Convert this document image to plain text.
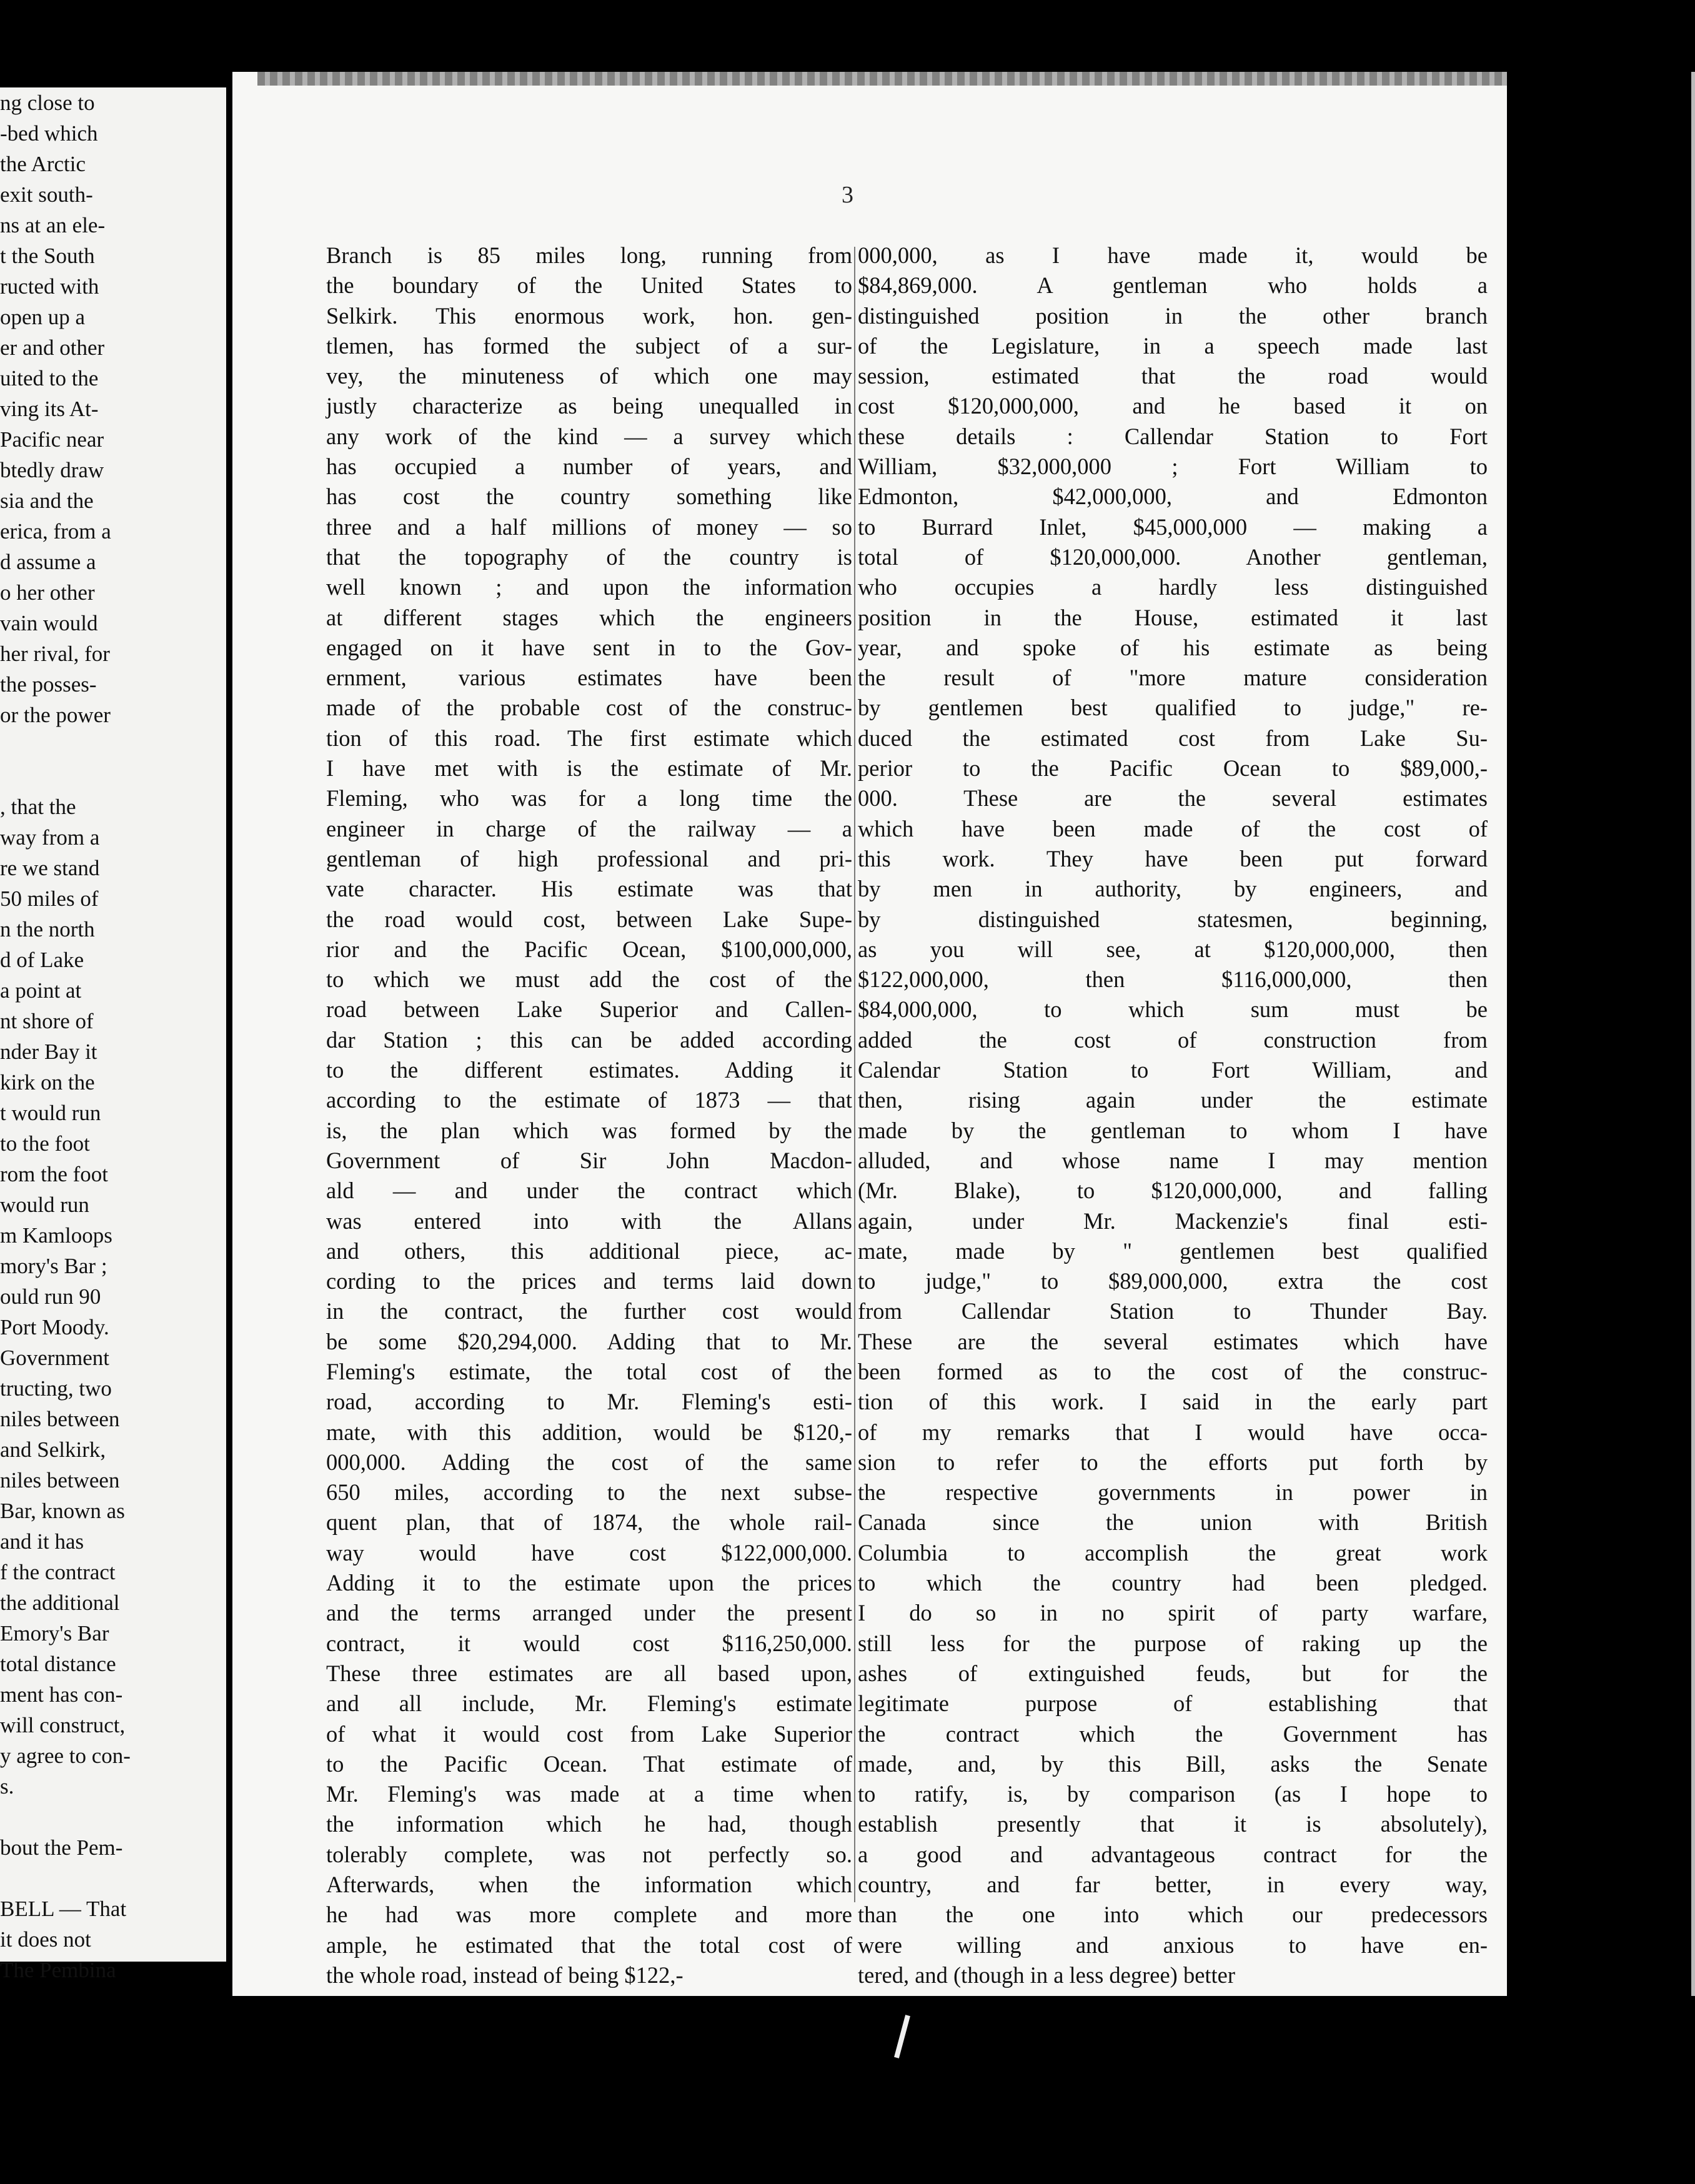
ng close to
-bed which
the Arctic
exit south-
ns at an ele-
t the South
ructed with
open up a
er and other
uited to the
ving its At-
Pacific near
btedly draw
sia and the
erica, from a
d assume a
o her other
vain would
her rival, for
the posses-
or the power
, that the
way from a
re we stand
50 miles of
n the north
d of Lake
a point at
nt shore of
nder Bay it
kirk on the
t would run
to the foot
rom the foot
would run
m Kamloops
mory's Bar ;
ould run 90
Port Moody.
Government
tructing, two
niles between
and Selkirk,
niles between
Bar, known as
and it has
f the contract
the additional
Emory's Bar
total distance
ment has con-
will construct,
y agree to con-
s.
bout the Pem-
BELL — That
it does not
The Pembina
3
Branch is 85 miles long, running from
the boundary of the United States to
Selkirk. This enormous work, hon. gen-
tlemen, has formed the subject of a sur-
vey, the minuteness of which one may
justly characterize as being unequalled in
any work of the kind — a survey which
has occupied a number of years, and
has cost the country something like
three and a half millions of money — so
that the topography of the country is
well known ; and upon the information
at different stages which the engineers
engaged on it have sent in to the Gov-
ernment, various estimates have been
made of the probable cost of the construc-
tion of this road. The first estimate which
I have met with is the estimate of Mr.
Fleming, who was for a long time the
engineer in charge of the railway — a
gentleman of high professional and pri-
vate character. His estimate was that
the road would cost, between Lake Supe-
rior and the Pacific Ocean, $100,000,000,
to which we must add the cost of the
road between Lake Superior and Callen-
dar Station ; this can be added according
to the different estimates. Adding it
according to the estimate of 1873 — that
is, the plan which was formed by the
Government of Sir John Macdon-
ald — and under the contract which
was entered into with the Allans
and others, this additional piece, ac-
cording to the prices and terms laid down
in the contract, the further cost would
be some $20,294,000. Adding that to Mr.
Fleming's estimate, the total cost of the
road, according to Mr. Fleming's esti-
mate, with this addition, would be $120,-
000,000. Adding the cost of the same
650 miles, according to the next subse-
quent plan, that of 1874, the whole rail-
way would have cost $122,000,000.
Adding it to the estimate upon the prices
and the terms arranged under the present
contract, it would cost $116,250,000.
These three estimates are all based upon,
and all include, Mr. Fleming's estimate
of what it would cost from Lake Superior
to the Pacific Ocean. That estimate of
Mr. Fleming's was made at a time when
the information which he had, though
tolerably complete, was not perfectly so.
Afterwards, when the information which
he had was more complete and more
ample, he estimated that the total cost of
the whole road, instead of being $122,-
000,000, as I have made it, would be
$84,869,000. A gentleman who holds a
distinguished position in the other branch
of the Legislature, in a speech made last
session, estimated that the road would
cost $120,000,000, and he based it on
these details : Callendar Station to Fort
William, $32,000,000 ; Fort William to
Edmonton, $42,000,000, and Edmonton
to Burrard Inlet, $45,000,000 — making a
total of $120,000,000. Another gentleman,
who occupies a hardly less distinguished
position in the House, estimated it last
year, and spoke of his estimate as being
the result of "more mature consideration
by gentlemen best qualified to judge," re-
duced the estimated cost from Lake Su-
perior to the Pacific Ocean to $89,000,-
000. These are the several estimates
which have been made of the cost of
this work. They have been put forward
by men in authority, by engineers, and
by distinguished statesmen, beginning,
as you will see, at $120,000,000, then
$122,000,000, then $116,000,000, then
$84,000,000, to which sum must be
added the cost of construction from
Calendar Station to Fort William, and
then, rising again under the estimate
made by the gentleman to whom I have
alluded, and whose name I may mention
(Mr. Blake), to $120,000,000, and falling
again, under Mr. Mackenzie's final esti-
mate, made by " gentlemen best qualified
to judge," to $89,000,000, extra the cost
from Callendar Station to Thunder Bay.
These are the several estimates which have
been formed as to the cost of the construc-
tion of this work. I said in the early part
of my remarks that I would have occa-
sion to refer to the efforts put forth by
the respective governments in power in
Canada since the union with British
Columbia to accomplish the great work
to which the country had been pledged.
I do so in no spirit of party warfare,
still less for the purpose of raking up the
ashes of extinguished feuds, but for the
legitimate purpose of establishing that
the contract which the Government has
made, and, by this Bill, asks the Senate
to ratify, is, by comparison (as I hope to
establish presently that it is absolutely),
a good and advantageous contract for the
country, and far better, in every way,
than the one into which our predecessors
were willing and anxious to have en-
tered, and (though in a less degree) better
